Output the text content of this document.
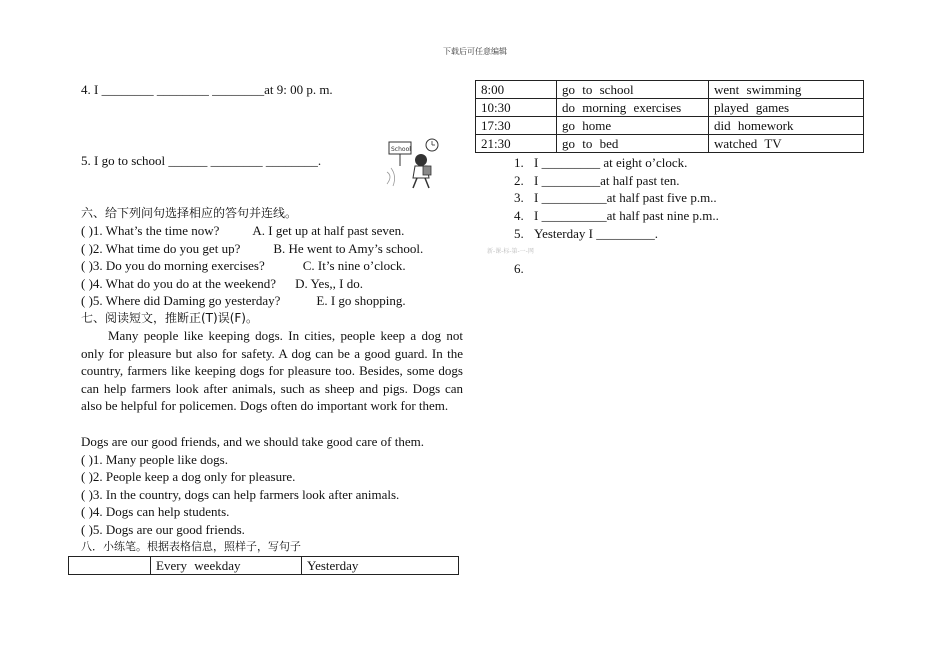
下载后可任意编辑
4. I ________ ________ ________at 9: 00 p. m.
5. I go to school ______ ________ ________.
School
六、给下列问句选择相应的答句并连线。
( )1. What’s the time now?	A. I get up at half past seven.
( )2. What time do you get up?	B. He went to Amy’s school.
( )3. Do you do morning exercises?	C. It’s nine o’clock.
( )4. What do you do at the weekend? D. Yes,, I do.
( )5. Where did Daming go yesterday?	E. I go shopping.
七、阅读短文，推断正(T)误(F)。
Many people like keeping dogs. In cities, people keep a dog not only for pleasure but also for safety. A dog can be a good guard. In the country, farmers like keeping dogs for pleasure too. Besides, some dogs can help farmers look after animals, such as sheep and pigs. Dogs can also be helpful for policemen. Dogs often do important work for them.
Dogs are our good friends, and we should take good care of them.
( )1. Many people like dogs.
( )2. People keep a dog only for pleasure.
( )3. In the country, dogs can help farmers look after animals.
( )4. Dogs can help students.
( )5. Dogs are our good friends.
八．小练笔。根据表格信息，照样子，写句子
	Every weekday	Yesterday
8:00	go to school	went swimming
10:30	do morning exercises	played games
17:30	go home	did homework
21:30	go to bed	watched TV
1. I _________ at eight o’clock.
2. I _________at half past ten.
3. I __________at half past five p.m..
4. I __________at half past nine p.m..
5. Yesterday I _________.
新-课-标-第-一-网
6.
